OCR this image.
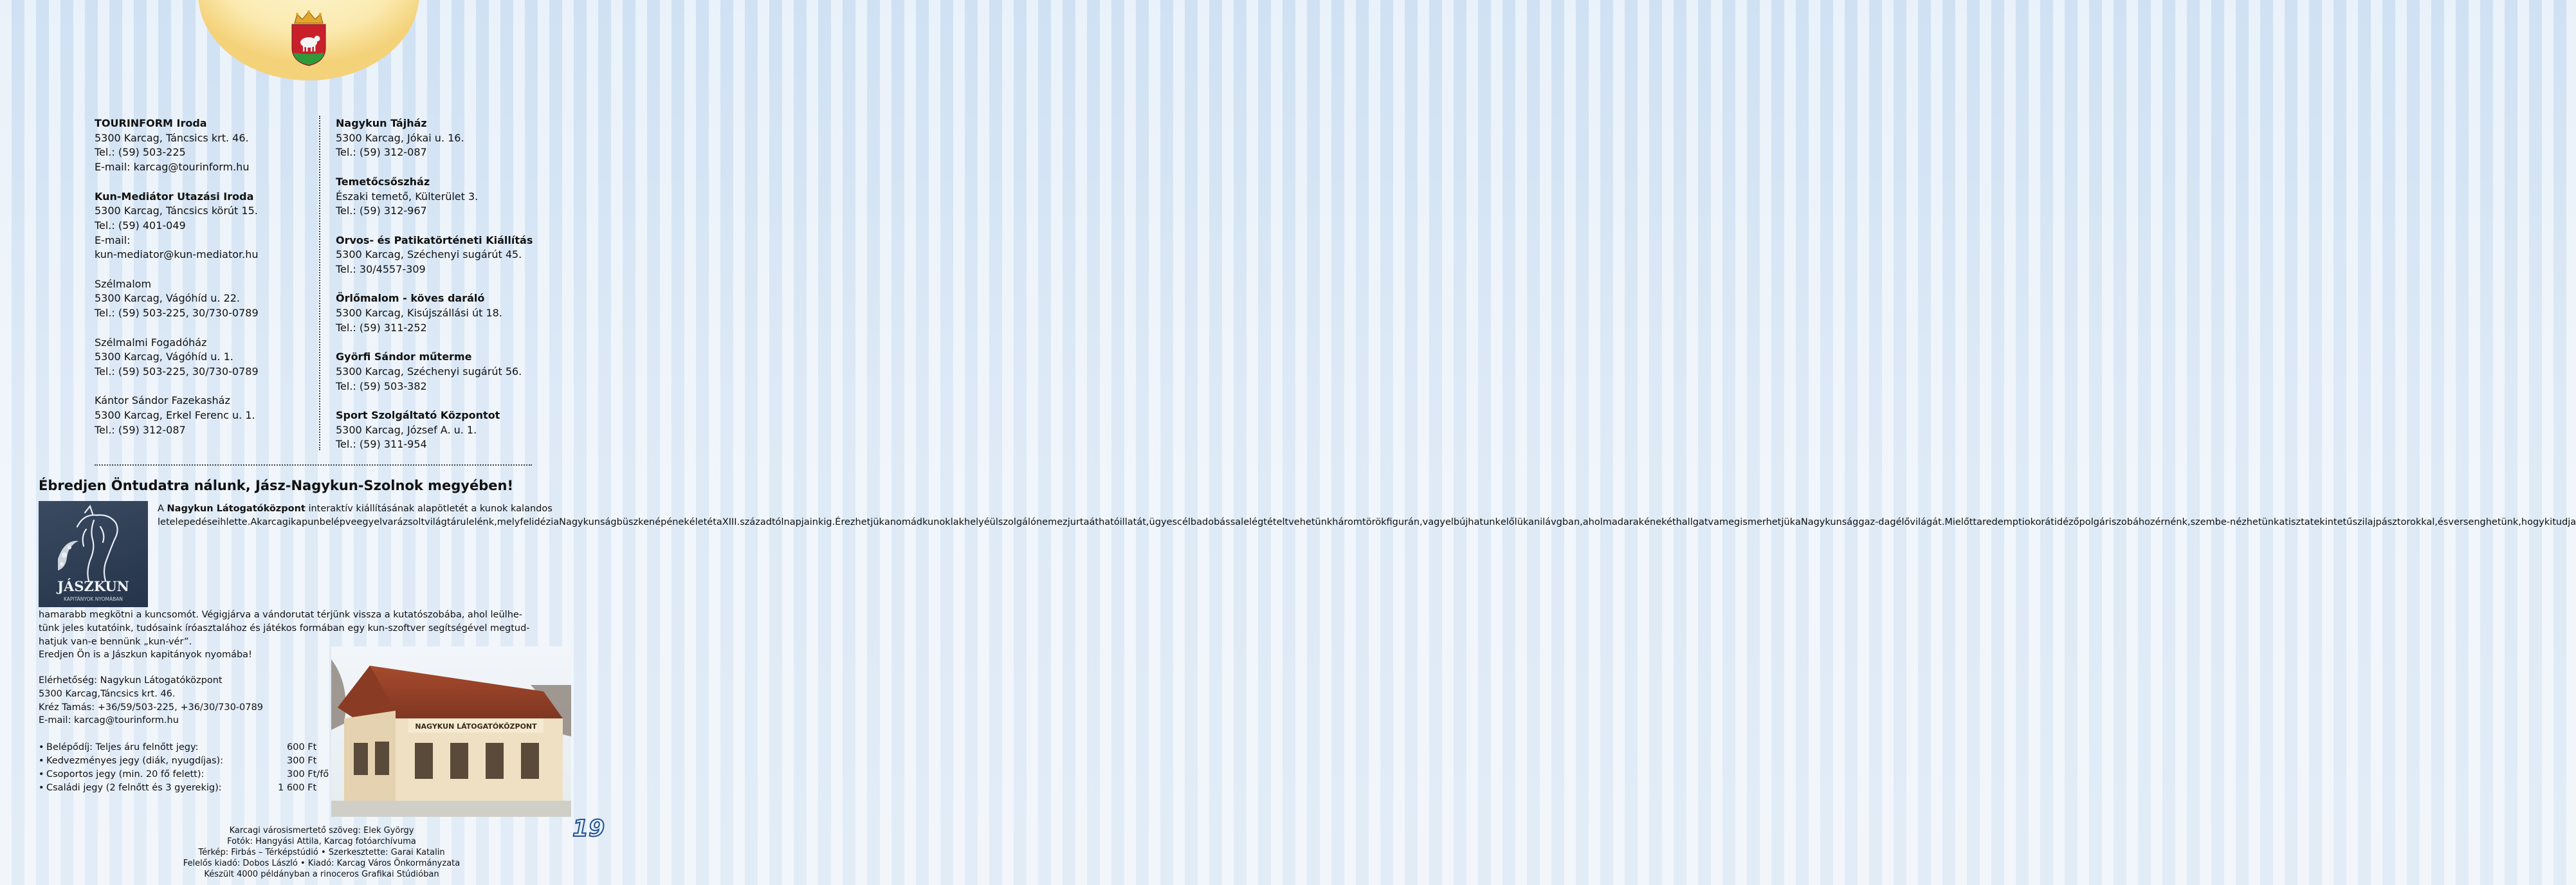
TOURINFORM Iroda
5300 Karcag, Táncsics krt. 46.
Tel.: (59) 503-225
E-mail: karcag@tourinform.hu
Kun-Mediátor Utazási Iroda
5300 Karcag, Táncsics körút 15.
Tel.: (59) 401-049
E-mail:
kun-mediator@kun-mediator.hu
Szélmalom
5300 Karcag, Vágóhíd u. 22.
Tel.: (59) 503-225, 30/730-0789
Szélmalmi Fogadóház
5300 Karcag, Vágóhíd u. 1.
Tel.: (59) 503-225, 30/730-0789
Kántor Sándor Fazekasház
5300 Karcag, Erkel Ferenc u. 1.
Tel.: (59) 312-087
Nagykun Tájház
5300 Karcag, Jókai u. 16.
Tel.: (59) 312-087
Temetőcsőszház
Északi temető, Külterület 3.
Tel.: (59) 312-967
Orvos- és Patikatörténeti Kiállítás
5300 Karcag, Széchenyi sugárút 45.
Tel.: 30/4557-309
Örlőmalom - köves daráló
5300 Karcag, Kisújszállási út 18.
Tel.: (59) 311-252
Györfi Sándor műterme
5300 Karcag, Széchenyi sugárút 56.
Tel.: (59) 503-382
Sport Szolgáltató Központot
5300 Karcag, József A. u. 1.
Tel.: (59) 311-954
Ébredjen Öntudatra nálunk, Jász-Nagykun-Szolnok megyében!
JÁSZKUN
KAPITÁNYOK NYOMÁBAN
A Nagykun Látogatóközpont interaktív kiállításának alapötletét a kunok kalandos
letelepedése ihlette. A karcagi kapun belépve egy elvarázsolt világ tárul elénk,mely felidézi a Nagykunság büszke népének életét a XIII. századtól napjainkig.Érezhetjük a nomád kunok lakhelyéül szolgáló nemez jurta átható illatát, ügyescélbadobással elégtételt vehetünk három török figurán, vagy elbújhatunk elől üka nilávgban, ahol madarak énekét hallgatva megismerhetjük a Nagykunság gaz-dag élővilágát. Mielőtt a redemptio korát idéző polgári szobához érnénk, szembe-nézhetünk a tiszta tekintetű szilaj pásztorokkal, és versenghetünk, hogy ki tudja
hamarabb megkötni a kuncsomót. Végigjárva a vándorutat térjünk vissza a kutatószobába, ahol leülhe-
tünk jeles kutatóink, tudósaink íróasztalához és játékos formában egy kun-szoftver segítségével megtud-
hatjuk van-e bennünk „kun-vér”.
Eredjen Ön is a Jászkun kapitányok nyomába!
NAGYKUN LÁTOGATÓKÖZPONT
Elérhetőség: Nagykun Látogatóközpont
5300 Karcag,Táncsics krt. 46.
Kréz Tamás: +36/59/503-225, +36/30/730-0789
E-mail: karcag@tourinform.hu
• Belépődíj: Teljes áru felnőtt jegy:	600 Ft
• Kedvezményes jegy (diák, nyugdíjas):	300 Ft
• Csoportos jegy (min. 20 fő felett):	300 Ft/fő
• Családi jegy (2 felnőtt és 3 gyerekig):	1 600 Ft
Karcagi városismertető szöveg: Elek György
Fotók: Hangyási Attila, Karcag fotóarchívuma
Térkép: Firbás – Térképstúdió • Szerkesztette: Garai Katalin
Felelős kiadó: Dobos László • Kiadó: Karcag Város Önkormányzata
Készült 4000 példányban a rinoceros Grafikai Stúdióban
19
